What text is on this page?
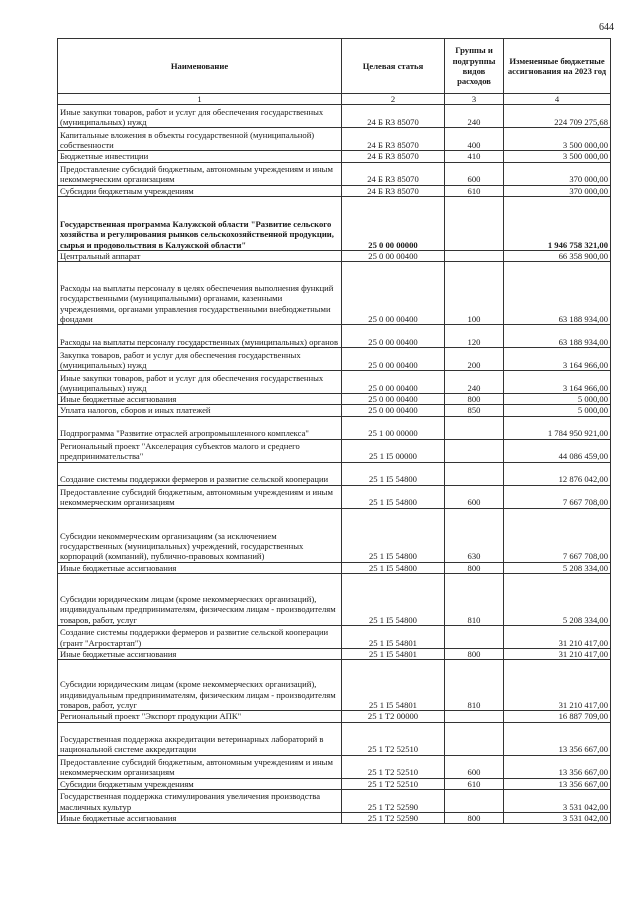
644
Наименование	Целевая статья	Группы и подгруппы видов расходов	Измененные бюджетные ассигнования на 2023 год
1	2	3	4
Иные закупки товаров, работ и услуг для обеспечения государственных (муниципальных) нужд	24 Б R3 85070	240	224 709 275,68
Капитальные вложения в объекты государственной (муниципальной) собственности	24 Б R3 85070	400	3 500 000,00
Бюджетные инвестиции	24 Б R3 85070	410	3 500 000,00
Предоставление субсидий бюджетным, автономным учреждениям и иным некоммерческим организациям	24 Б R3 85070	600	370 000,00
Субсидии бюджетным учреждениям	24 Б R3 85070	610	370 000,00
Государственная программа Калужской области "Развитие сельского хозяйства и регулирования рынков сельскохозяйственной продукции, сырья и продовольствия в Калужской области"	25 0 00 00000		1 946 758 321,00
Центральный аппарат	25 0 00 00400		66 358 900,00
Расходы на выплаты персоналу в целях обеспечения выполнения функций государственными (муниципальными) органами, казенными учреждениями, органами управления государственными внебюджетными фондами	25 0 00 00400	100	63 188 934,00
Расходы на выплаты персоналу государственных (муниципальных) органов	25 0 00 00400	120	63 188 934,00
Закупка товаров, работ и услуг для обеспечения государственных (муниципальных) нужд	25 0 00 00400	200	3 164 966,00
Иные закупки товаров, работ и услуг для обеспечения государственных (муниципальных) нужд	25 0 00 00400	240	3 164 966,00
Иные бюджетные ассигнования	25 0 00 00400	800	5 000,00
Уплата налогов, сборов и иных платежей	25 0 00 00400	850	5 000,00
Подпрограмма "Развитие отраслей агропромышленного комплекса"	25 1 00 00000		1 784 950 921,00
Региональный проект "Акселерация субъектов малого и среднего предпринимательства"	25 1 I5 00000		44 086 459,00
Создание системы поддержки фермеров и развитие сельской кооперации	25 1 I5 54800		12 876 042,00
Предоставление субсидий бюджетным, автономным учреждениям и иным некоммерческим организациям	25 1 I5 54800	600	7 667 708,00
Субсидии некоммерческим организациям (за исключением государственных (муниципальных) учреждений, государственных корпораций (компаний), публично-правовых компаний)	25 1 I5 54800	630	7 667 708,00
Иные бюджетные ассигнования	25 1 I5 54800	800	5 208 334,00
Субсидии юридическим лицам (кроме некоммерческих организаций), индивидуальным предпринимателям, физическим лицам - производителям товаров, работ, услуг	25 1 I5 54800	810	5 208 334,00
Создание системы поддержки фермеров и развитие сельской кооперации (грант "Агростартап")	25 1 I5 54801		31 210 417,00
Иные бюджетные ассигнования	25 1 I5 54801	800	31 210 417,00
Субсидии юридическим лицам (кроме некоммерческих организаций), индивидуальным предпринимателям, физическим лицам - производителям товаров, работ, услуг	25 1 I5 54801	810	31 210 417,00
Региональный проект "Экспорт продукции АПК"	25 1 T2 00000		16 887 709,00
Государственная поддержка аккредитации ветеринарных лабораторий в национальной системе аккредитации	25 1 T2 52510		13 356 667,00
Предоставление субсидий бюджетным, автономным учреждениям и иным некоммерческим организациям	25 1 T2 52510	600	13 356 667,00
Субсидии бюджетным учреждениям	25 1 T2 52510	610	13 356 667,00
Государственная поддержка стимулирования увеличения производства масличных культур	25 1 T2 52590		3 531 042,00
Иные бюджетные ассигнования	25 1 T2 52590	800	3 531 042,00
